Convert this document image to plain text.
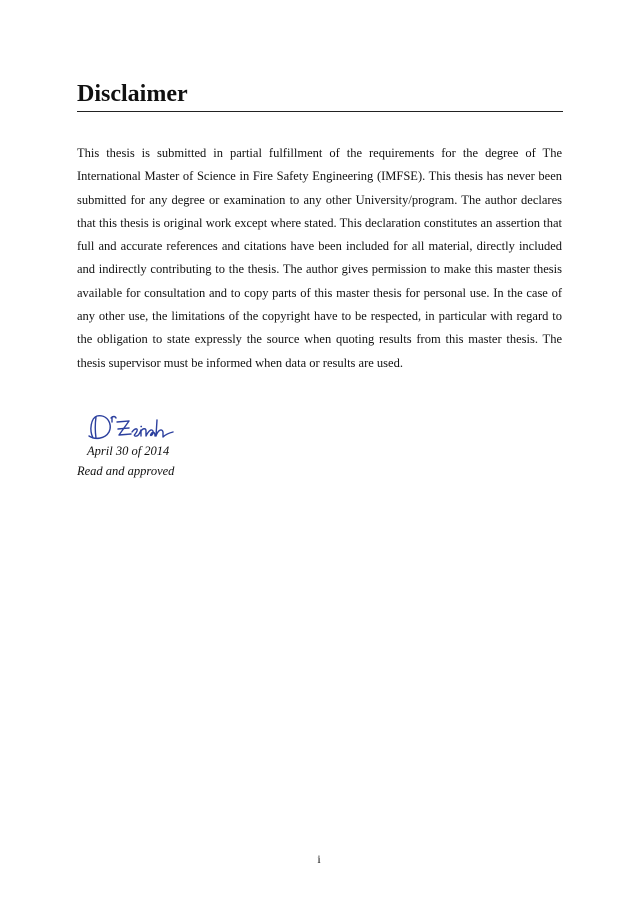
Disclaimer

This thesis is submitted in partial fulfillment of the requirements for the degree of The International Master of Science in Fire Safety Engineering (IMFSE). This thesis has never been submitted for any degree or examination to any other University/program. The author declares that this thesis is original work except where stated. This declaration constitutes an assertion that full and accurate references and citations have been included for all material, directly included and indirectly contributing to the thesis. The author gives permission to make this master thesis available for consultation and to copy parts of this master thesis for personal use. In the case of any other use, the limitations of the copyright have to be respected, in particular with regard to the obligation to state expressly the source when quoting results from this master thesis. The thesis supervisor must be informed when data or results are used.

April 30 of 2014
Read and approved
i
